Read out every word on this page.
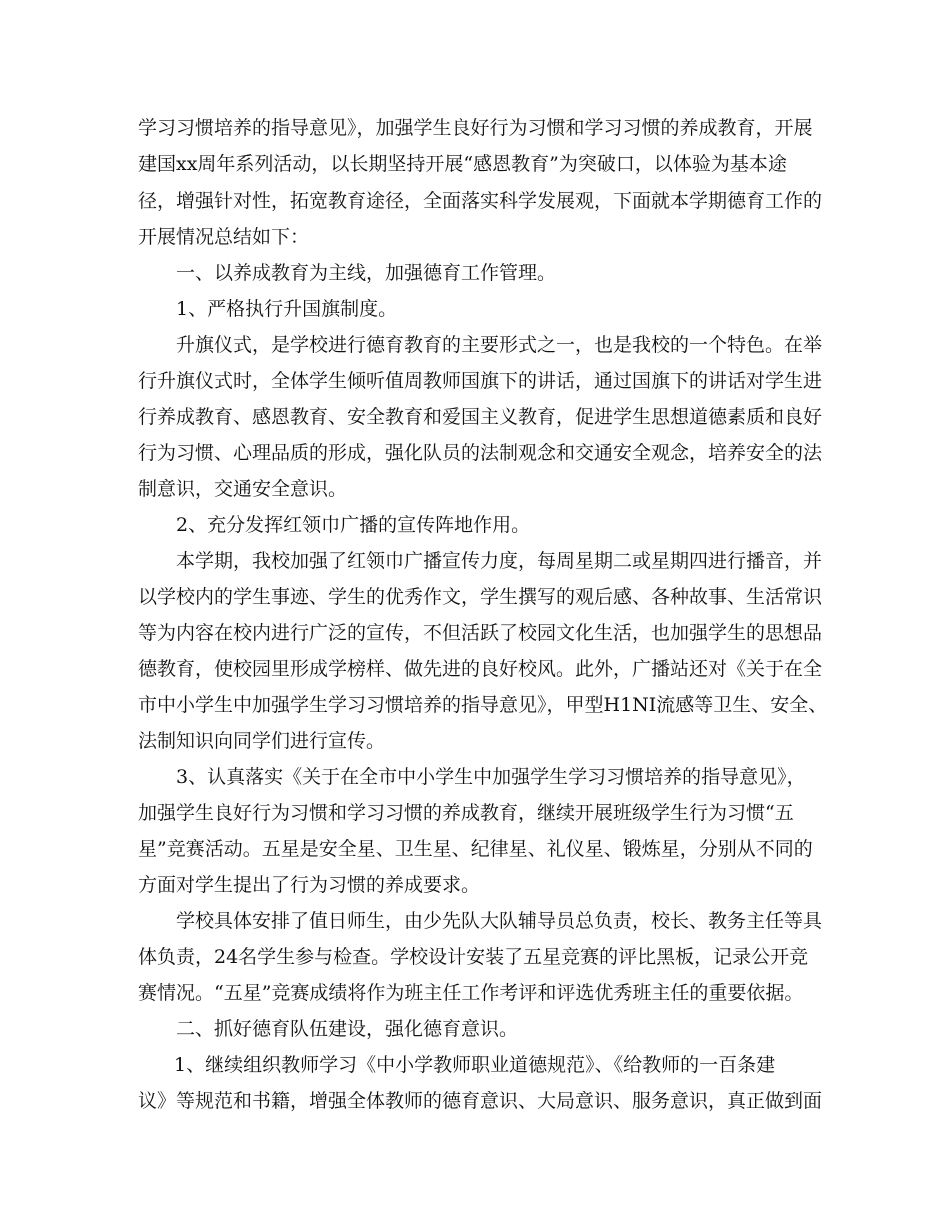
学习习惯培养的指导意见》，加强学生良好行为习惯和学习习惯的养成教育，开展
建国xx周年系列活动，以长期坚持开展“感恩教育”为突破口，以体验为基本途
径，增强针对性，拓宽教育途径，全面落实科学发展观，下面就本学期德育工作的
开展情况总结如下：
一、以养成教育为主线，加强德育工作管理。
1、严格执行升国旗制度。
升旗仪式，是学校进行德育教育的主要形式之一，也是我校的一个特色。在举
行升旗仪式时，全体学生倾听值周教师国旗下的讲话，通过国旗下的讲话对学生进
行养成教育、感恩教育、安全教育和爱国主义教育，促进学生思想道德素质和良好
行为习惯、心理品质的形成，强化队员的法制观念和交通安全观念，培养安全的法
制意识，交通安全意识。
2、充分发挥红领巾广播的宣传阵地作用。
本学期，我校加强了红领巾广播宣传力度，每周星期二或星期四进行播音，并
以学校内的学生事迹、学生的优秀作文，学生撰写的观后感、各种故事、生活常识
等为内容在校内进行广泛的宣传，不但活跃了校园文化生活，也加强学生的思想品
德教育，使校园里形成学榜样、做先进的良好校风。此外，广播站还对《关于在全
市中小学生中加强学生学习习惯培养的指导意见》，甲型H1NI流感等卫生、安全、
法制知识向同学们进行宣传。
3、认真落实《关于在全市中小学生中加强学生学习习惯培养的指导意见》，
加强学生良好行为习惯和学习习惯的养成教育，继续开展班级学生行为习惯“五
星”竞赛活动。五星是安全星、卫生星、纪律星、礼仪星、锻炼星，分别从不同的
方面对学生提出了行为习惯的养成要求。
学校具体安排了值日师生，由少先队大队辅导员总负责，校长、教务主任等具
体负责，24名学生参与检查。学校设计安装了五星竞赛的评比黑板，记录公开竞
赛情况。“五星”竞赛成绩将作为班主任工作考评和评选优秀班主任的重要依据。
二、抓好德育队伍建设，强化德育意识。
1、继续组织教师学习《中小学教师职业道德规范》、《给教师的一百条建
议》等规范和书籍，增强全体教师的德育意识、大局意识、服务意识，真正做到面
